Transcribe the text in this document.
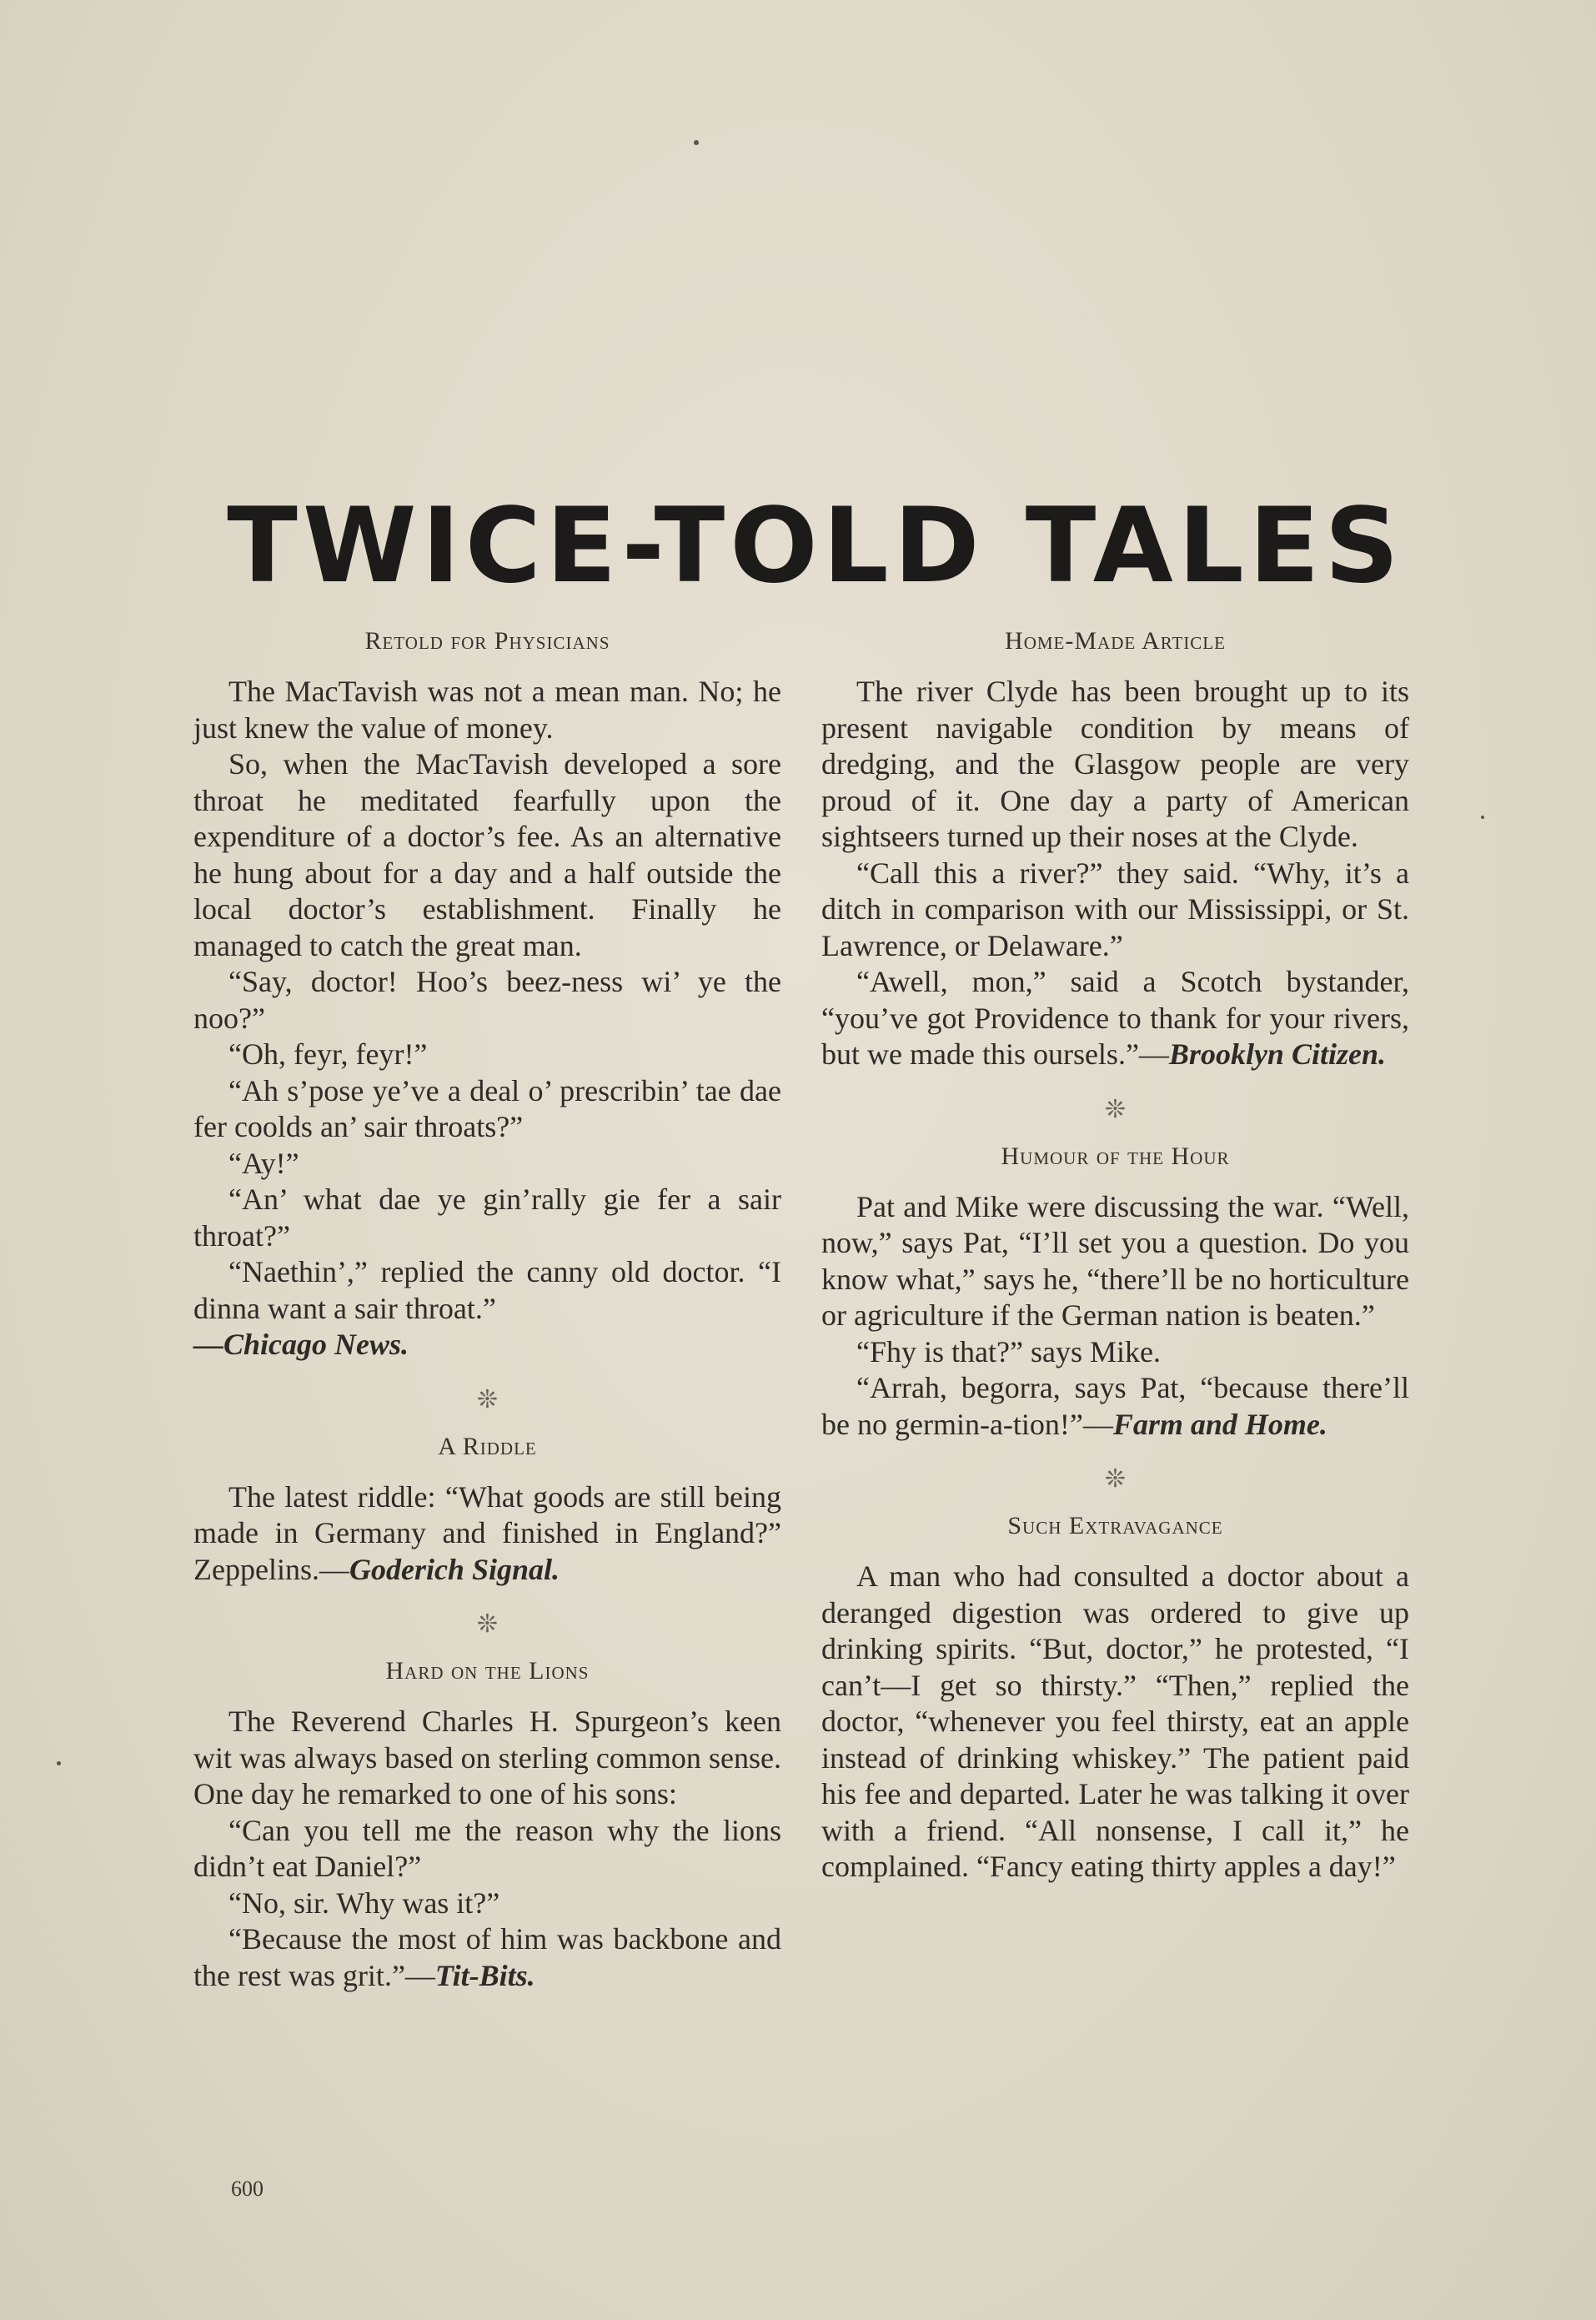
TWICE-TOLD TALES
Retold for Physicians

The MacTavish was not a mean man. No; he just knew the value of money.

So, when the MacTavish developed a sore throat he meditated fearfully upon the expenditure of a doctor’s fee. As an alternative he hung about for a day and a half outside the local doctor’s establishment. Finally he managed to catch the great man.

“Say, doctor! Hoo’s beez-ness wi’ ye the noo?”

“Oh, feyr, feyr!”

“Ah s’pose ye’ve a deal o’ prescribin’ tae dae fer coolds an’ sair throats?”

“Ay!”

“An’ what dae ye gin’rally gie fer a sair throat?”

“Naethin’,” replied the canny old doctor. “I dinna want a sair throat.”

—Chicago News.

❊
A Riddle

The latest riddle: “What goods are still being made in Germany and finished in England?” Zeppelins.—Goderich Signal.

❊
Hard on the Lions

The Reverend Charles H. Spurgeon’s keen wit was always based on sterling common sense. One day he remarked to one of his sons:

“Can you tell me the reason why the lions didn’t eat Daniel?”

“No, sir. Why was it?”

“Because the most of him was backbone and the rest was grit.”—Tit-Bits.

Home-Made Article

The river Clyde has been brought up to its present navigable condition by means of dredging, and the Glasgow people are very proud of it. One day a party of American sightseers turned up their noses at the Clyde.

“Call this a river?” they said. “Why, it’s a ditch in comparison with our Mississippi, or St. Lawrence, or Delaware.”

“Awell, mon,” said a Scotch bystander, “you’ve got Providence to thank for your rivers, but we made this oursels.”—Brooklyn Citizen.

❊
Humour of the Hour

Pat and Mike were discussing the war. “Well, now,” says Pat, “I’ll set you a question. Do you know what,” says he, “there’ll be no horticulture or agriculture if the German nation is beaten.”

“Fhy is that?” says Mike.

“Arrah, begorra, says Pat, “because there’ll be no germin-a-tion!”—Farm and Home.

❊
Such Extravagance

A man who had consulted a doctor about a deranged digestion was ordered to give up drinking spirits. “But, doctor,” he protested, “I can’t—I get so thirsty.” “Then,” replied the doctor, “whenever you feel thirsty, eat an apple instead of drinking whiskey.” The patient paid his fee and departed. Later he was talking it over with a friend. “All nonsense, I call it,” he complained. “Fancy eating thirty apples a day!”

600
